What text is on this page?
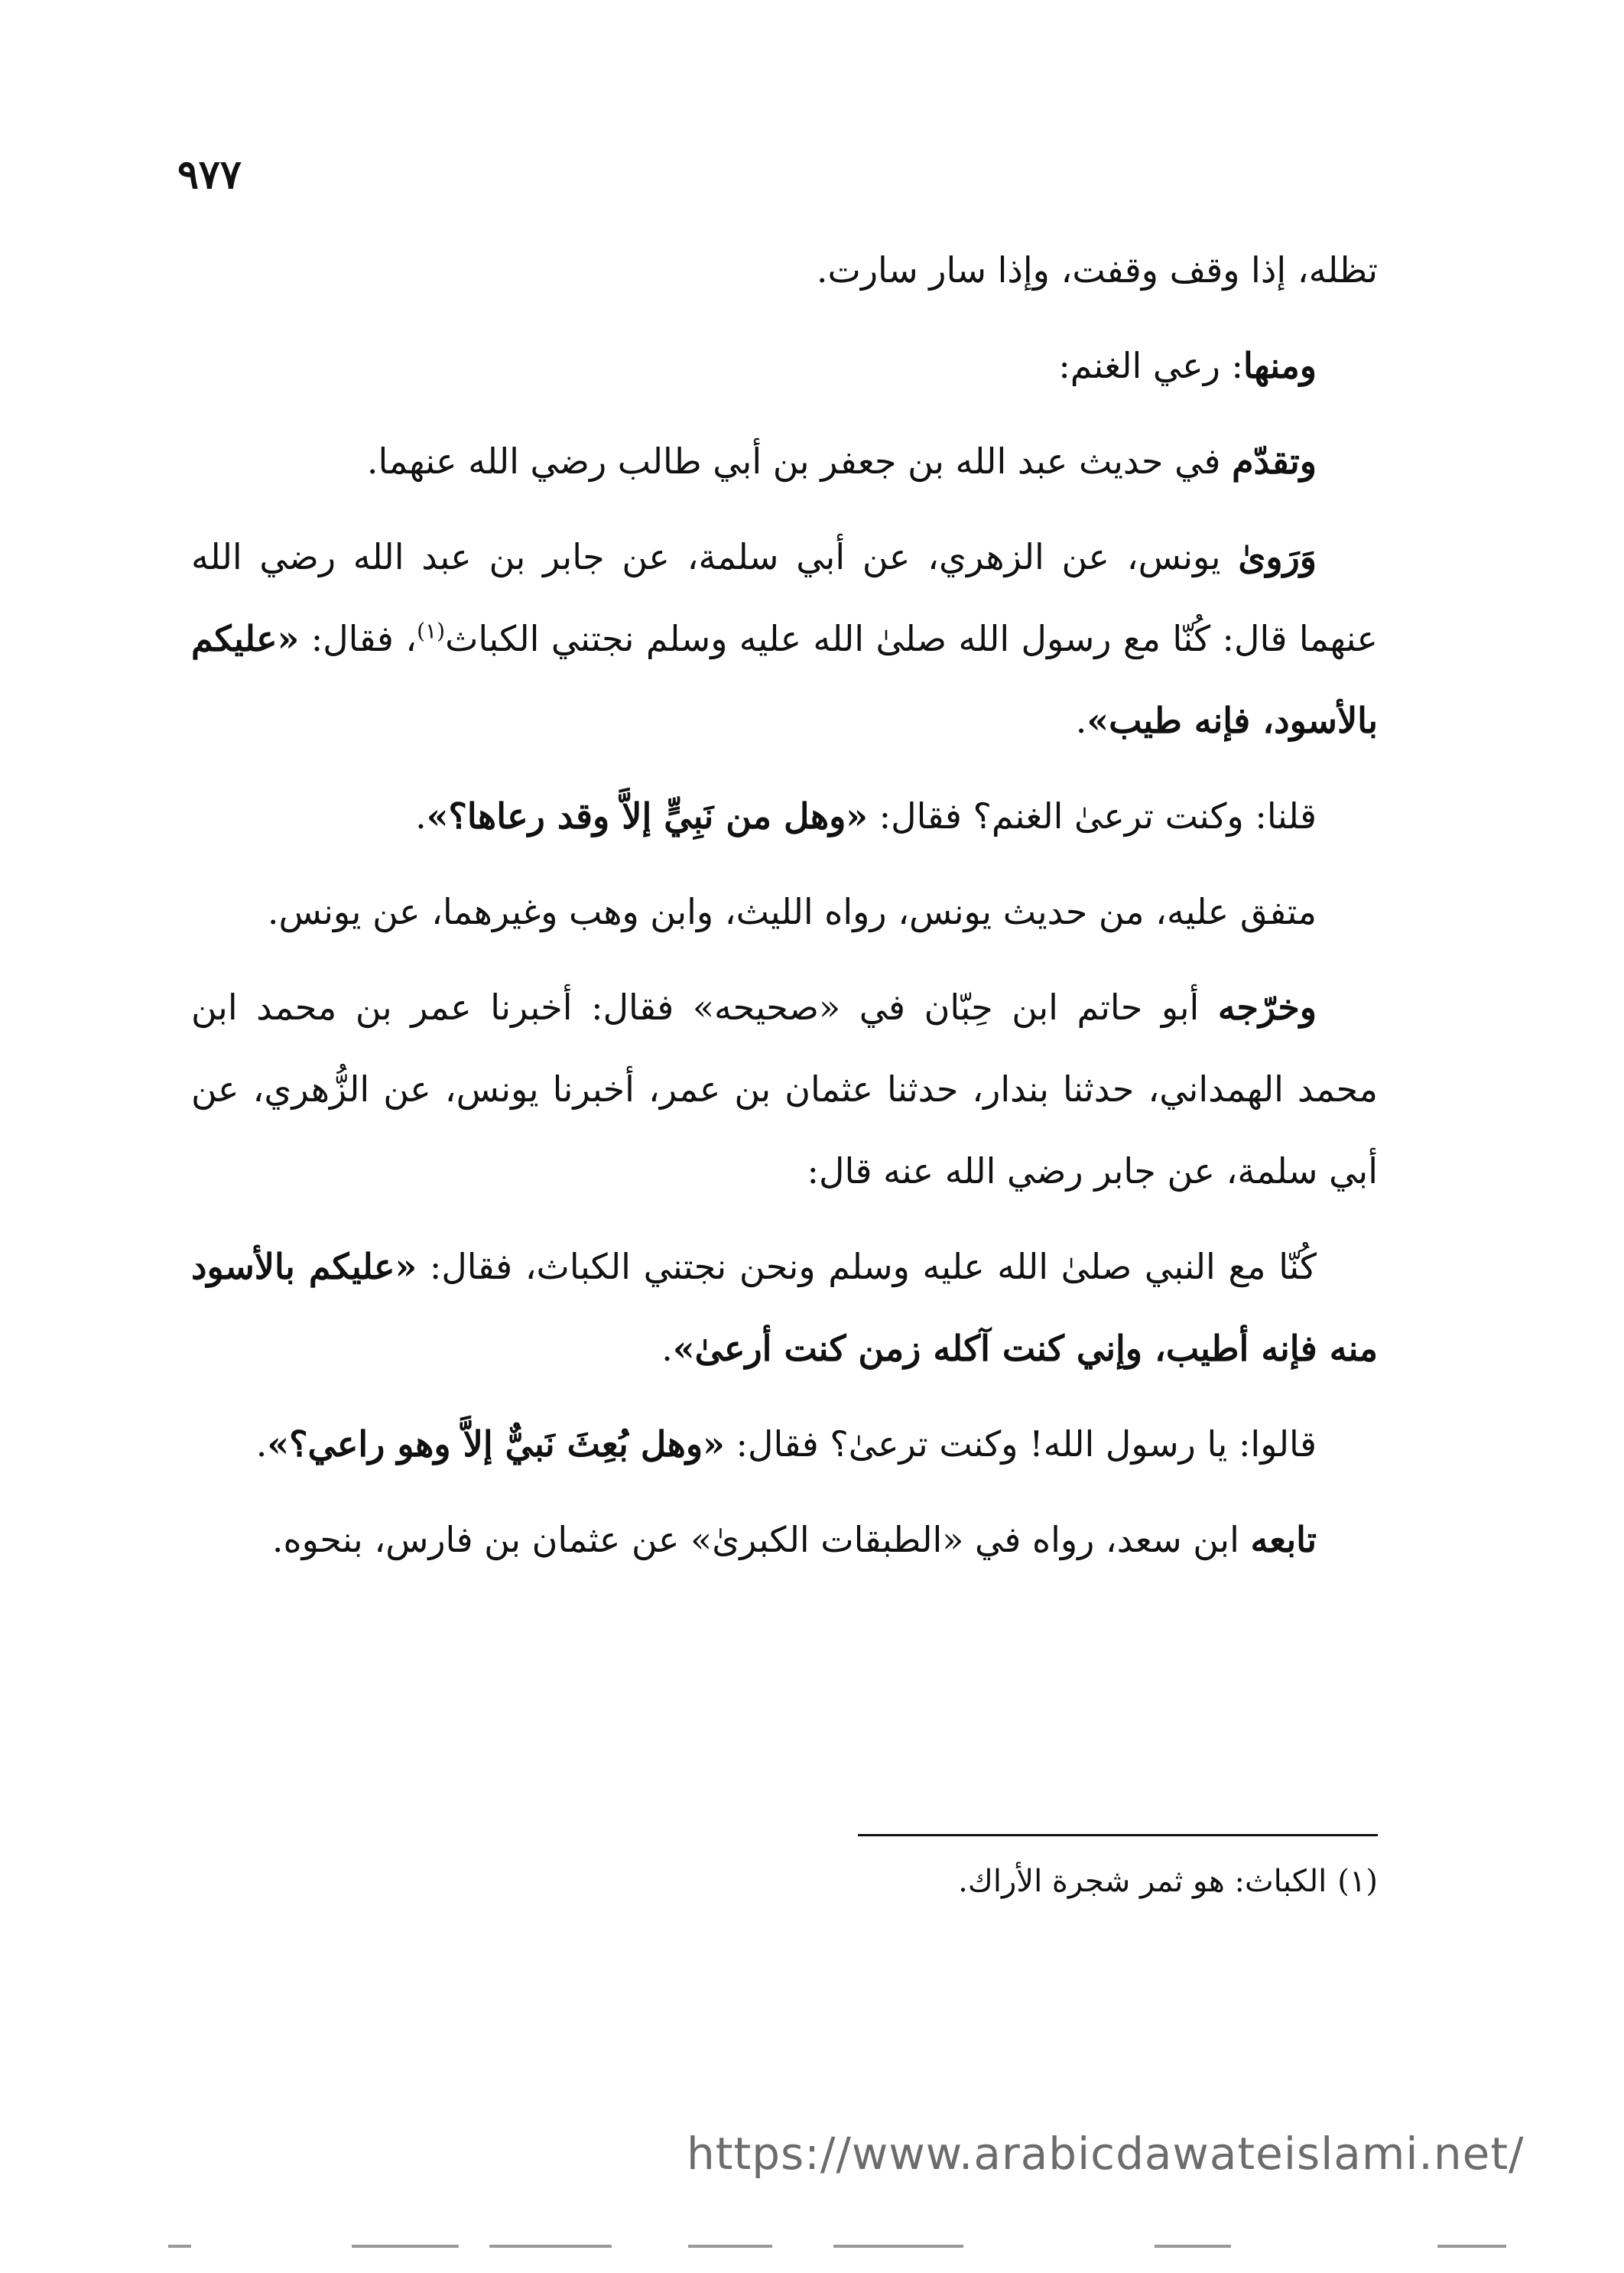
٩٧٧

تظله، إذا وقف وقفت، وإذا سار سارت.

ومنها: رعي الغنم:

وتقدّم في حديث عبد الله بن جعفر بن أبي طالب رضي الله عنهما.

وَرَوىٰ يونس، عن الزهري، عن أبي سلمة، عن جابر بن عبد الله رضي الله عنهما قال: كُنّا مع رسول الله صلىٰ الله عليه وسلم نجتني الكباث$^{(١)}$، فقال: «عليكم بالأسود، فإنه طيب».

قلنا: وكنت ترعىٰ الغنم؟ فقال: «وهل من نَبِيٍّ إلاَّ وقد رعاها؟».

متفق عليه، من حديث يونس، رواه الليث، وابن وهب وغيرهما، عن يونس.

وخرّجه أبو حاتم ابن حِبّان في «صحيحه» فقال: أخبرنا عمر بن محمد ابن محمد الهمداني، حدثنا بندار، حدثنا عثمان بن عمر، أخبرنا يونس، عن الزُّهري، عن أبي سلمة، عن جابر رضي الله عنه قال:

كُنّا مع النبي صلىٰ الله عليه وسلم ونحن نجتني الكباث، فقال: «عليكم بالأسود منه فإنه أطيب، وإني كنت آكله زمن كنت أرعىٰ».

قالوا: يا رسول الله! وكنت ترعىٰ؟ فقال: «وهل بُعِثَ نَبيٌّ إلاَّ وهو راعي؟».

تابعه ابن سعد، رواه في «الطبقات الكبرىٰ» عن عثمان بن فارس، بنحوه.

(١)الكباث: هو ثمر شجرة الأراك.
https://www.arabicdawateislami.net/
